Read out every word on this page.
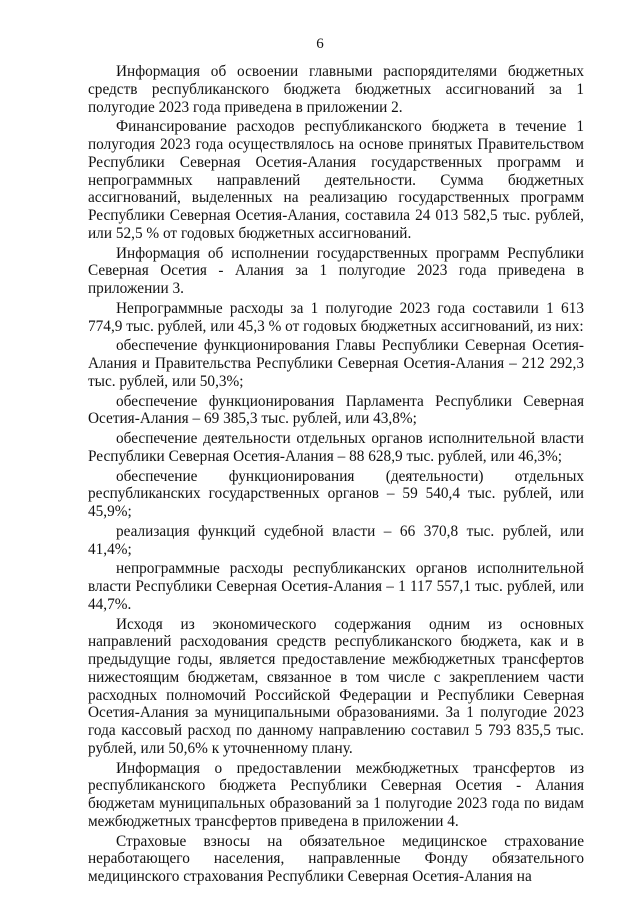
6

Информация об освоении главными распорядителями бюджетных средств республиканского бюджета бюджетных ассигнований за 1 полугодие 2023 года приведена в приложении 2.

Финансирование расходов республиканского бюджета в течение 1 полугодия 2023 года осуществлялось на основе принятых Правительством Республики Северная Осетия-Алания государственных программ и непрограммных направлений деятельности. Сумма бюджетных ассигнований, выделенных на реализацию государственных программ Республики Северная Осетия-Алания, составила 24 013 582,5 тыс. рублей, или 52,5 % от годовых бюджетных ассигнований.

Информация об исполнении государственных программ Республики Северная Осетия - Алания за 1 полугодие 2023 года приведена в приложении 3.

Непрограммные расходы за 1 полугодие 2023 года составили 1 613 774,9 тыс. рублей, или 45,3 % от годовых бюджетных ассигнований, из них:

обеспечение функционирования Главы Республики Северная Осетия-Алания и Правительства Республики Северная Осетия-Алания – 212 292,3 тыс. рублей, или 50,3%;

обеспечение функционирования Парламента Республики Северная Осетия-Алания – 69 385,3 тыс. рублей, или 43,8%;

обеспечение деятельности отдельных органов исполнительной власти Республики Северная Осетия-Алания – 88 628,9 тыс. рублей, или 46,3%;

обеспечение функционирования (деятельности) отдельных республиканских государственных органов – 59 540,4 тыс. рублей, или 45,9%;

реализация функций судебной власти – 66 370,8 тыс. рублей, или 41,4%;

непрограммные расходы республиканских органов исполнительной власти Республики Северная Осетия-Алания – 1 117 557,1 тыс. рублей, или 44,7%.

Исходя из экономического содержания одним из основных направлений расходования средств республиканского бюджета, как и в предыдущие годы, является предоставление межбюджетных трансфертов нижестоящим бюджетам, связанное в том числе с закреплением части расходных полномочий Российской Федерации и Республики Северная Осетия-Алания за муниципальными образованиями. За 1 полугодие 2023 года кассовый расход по данному направлению составил 5 793 835,5 тыс. рублей, или 50,6% к уточненному плану.

Информация о предоставлении межбюджетных трансфертов из республиканского бюджета Республики Северная Осетия - Алания бюджетам муниципальных образований за 1 полугодие 2023 года по видам межбюджетных трансфертов приведена в приложении 4.

Страховые взносы на обязательное медицинское страхование неработающего населения, направленные Фонду обязательного медицинского страхования Республики Северная Осетия-Алания на
